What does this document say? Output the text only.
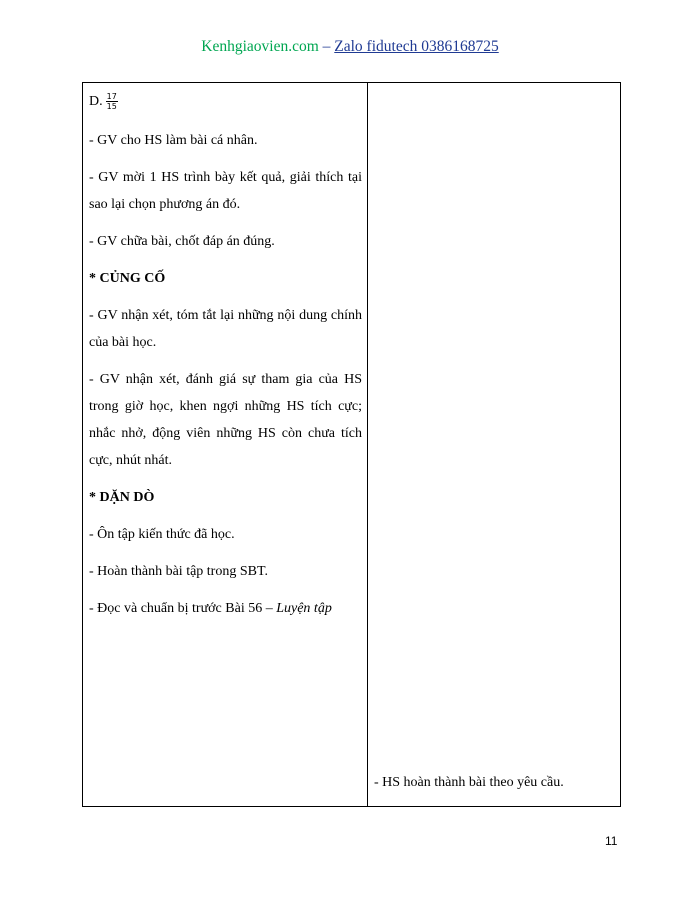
Kenhgiaovien.com – Zalo fidutech 0386168725
D. $\frac{17}{15}$

- GV cho HS làm bài cá nhân.

- GV mời 1 HS trình bày kết quả, giải thích tại sao lại chọn phương án đó.

- GV chữa bài, chốt đáp án đúng.

* CỦNG CỐ

- GV nhận xét, tóm tắt lại những nội dung chính của bài học.

- GV nhận xét, đánh giá sự tham gia của HS trong giờ học, khen ngợi những HS tích cực; nhắc nhở, động viên những HS còn chưa tích cực, nhút nhát.

* DẶN DÒ

- Ôn tập kiến thức đã học.

- Hoàn thành bài tập trong SBT.

- Đọc và chuẩn bị trước Bài 56 – Luyện tập

- HS hoàn thành bài theo yêu cầu.
11
